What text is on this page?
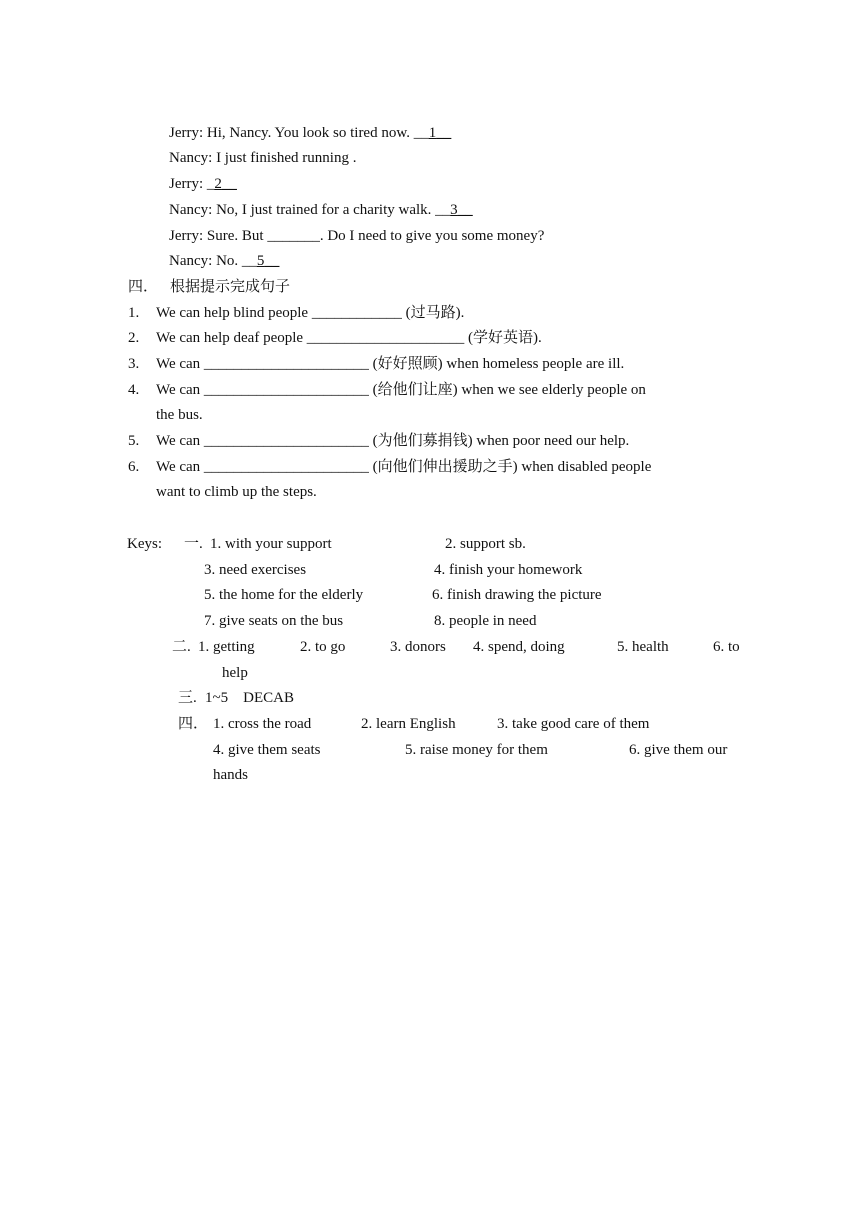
Jerry: Hi, Nancy. You look so tired now. __1__
Nancy: I just finished running .
Jerry: _2__
Nancy: No, I just trained for a charity walk. __3__
Jerry: Sure. But _______. Do I need to give you some money?
Nancy: No. __5__
四． 根据提示完成句子
1. We can help blind people ____________ (过马路).
2. We can help deaf people _____________________ (学好英语).
3. We can ______________________ (好好照顾) when homeless people are ill.
4. We can ______________________ (给他们让座) when we see elderly people on
the bus.
5. We can ______________________ (为他们募捐钱) when poor need our help.
6. We can ______________________ (向他们伸出援助之手) when disabled people
want to climb up the steps.
Keys: 一. 1. with your support	2. support sb.
3. need exercises	4. finish your homework
5. the home for the elderly	6. finish drawing the picture
7. give seats on the bus	8. people in need
二. 1. getting	2. to go	3. donors 4. spend, doing	5. health	6. to
help
三. 1~5    DECAB
四． 1. cross the road	2. learn English	3. take good care of them
4. give them seats	5. raise money for them	6. give them our
hands
